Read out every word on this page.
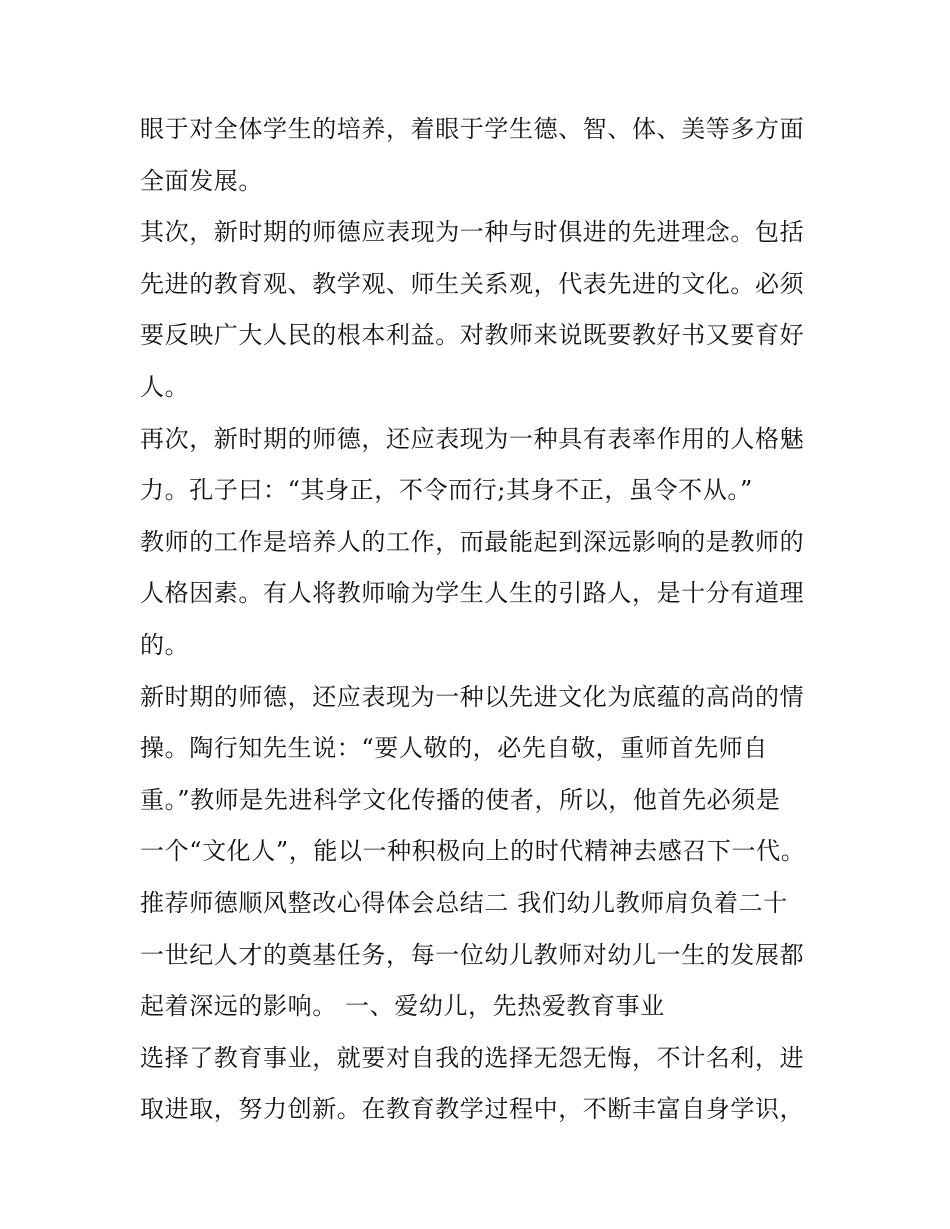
眼于对全体学生的培养，着眼于学生德、智、体、美等多方面
全面发展。
其次，新时期的师德应表现为一种与时俱进的先进理念。包括
先进的教育观、教学观、师生关系观，代表先进的文化。必须
要反映广大人民的根本利益。对教师来说既要教好书又要育好
人。
再次，新时期的师德，还应表现为一种具有表率作用的人格魅
力。孔子曰：“其身正，不令而行;其身不正，虽令不从。”
教师的工作是培养人的工作，而最能起到深远影响的是教师的
人格因素。有人将教师喻为学生人生的引路人，是十分有道理
的。
新时期的师德，还应表现为一种以先进文化为底蕴的高尚的情
操。陶行知先生说：“要人敬的，必先自敬，重师首先师自
重。”教师是先进科学文化传播的使者，所以，他首先必须是
一个“文化人”，能以一种积极向上的时代精神去感召下一代。
推荐师德顺风整改心得体会总结二 我们幼儿教师肩负着二十
一世纪人才的奠基任务，每一位幼儿教师对幼儿一生的发展都
起着深远的影响。 一、爱幼儿，先热爱教育事业
选择了教育事业，就要对自我的选择无怨无悔，不计名利，进
取进取，努力创新。在教育教学过程中，不断丰富自身学识，
